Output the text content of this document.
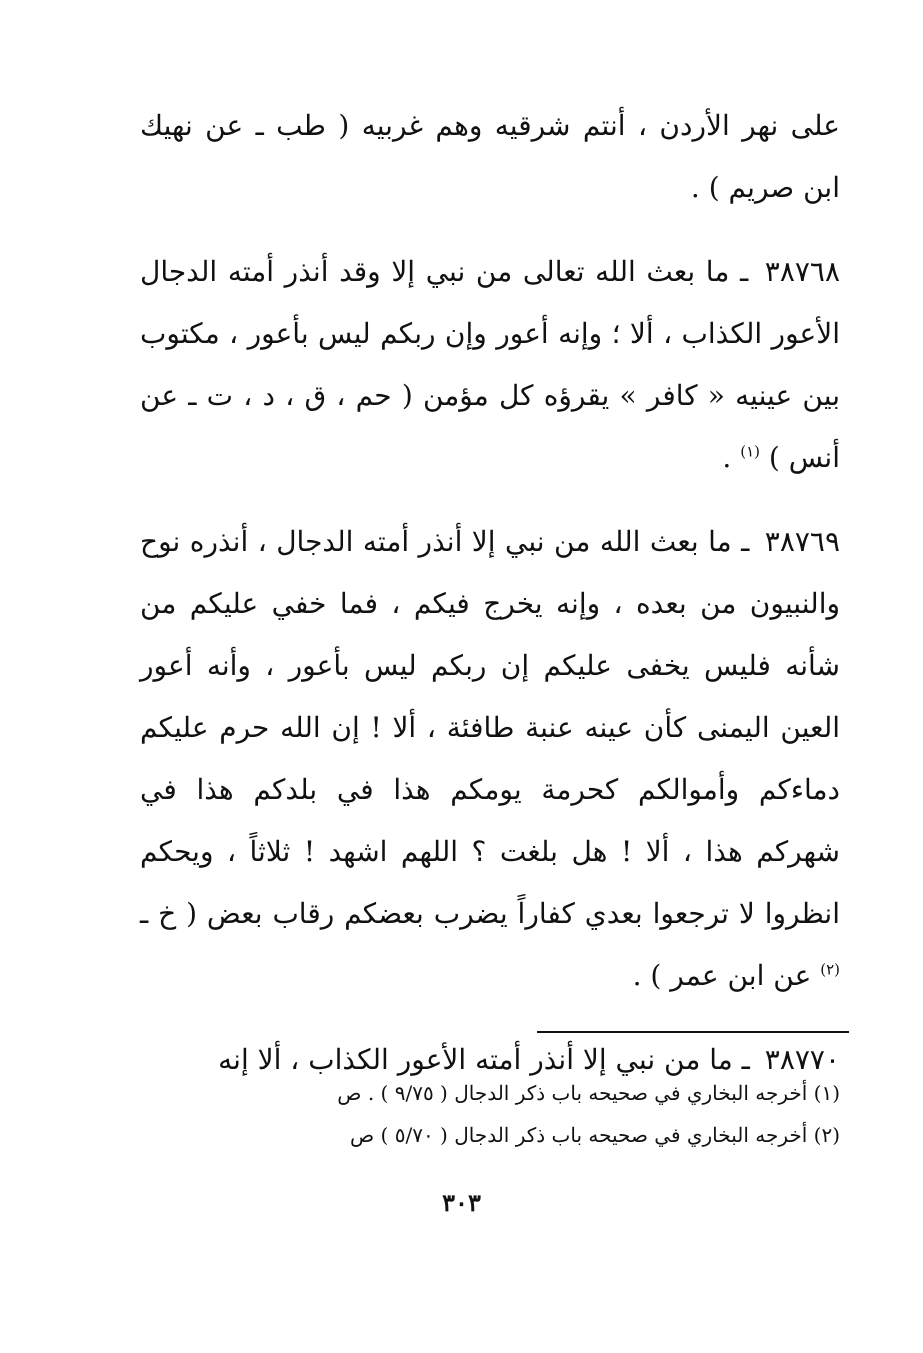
على نهر الأردن ، أنتم شرقيه وهم غربيه ( طب ـ عن نهيك ابن صريم ) .

٣٨٧٦٨ ـ ما بعث الله تعالى من نبي إلا وقد أنذر أمته الدجال الأعور الكذاب ، ألا ؛ وإنه أعور وإن ربكم ليس بأعور ، مكتوب بين عينيه « كافر » يقرؤه كل مؤمن ( حم ، ق ، د ، ت ـ عن أنس ) $^{(١)}$ .

٣٨٧٦٩ ـ ما بعث الله من نبي إلا أنذر أمته الدجال ، أنذره نوح والنبيون من بعده ، وإنه يخرج فيكم ، فما خفي عليكم من شأنه فليس يخفى عليكم إن ربكم ليس بأعور ، وأنه أعور العين اليمنى كأن عينه عنبة طافئة ، ألا ! إن الله حرم عليكم دماءكم وأموالكم كحرمة يومكم هذا في بلدكم هذا في شهركم هذا ، ألا ! هل بلغت ؟ اللهم اشهد ! ثلاثاً ، ويحكم انظروا لا ترجعوا بعدي كفاراً يضرب بعضكم رقاب بعض ( خ ـ $^{(٢)}$ عن ابن عمر ) .

٣٨٧٧٠ ـ ما من نبي إلا أنذر أمته الأعور الكذاب ، ألا إنه

(١) أخرجه البخاري في صحيحه باب ذكر الدجال ( ٩/٧٥ ) . ص

(٢) أخرجه البخاري في صحيحه باب ذكر الدجال ( ٥/٧٠ ) ص

٣٠٣
